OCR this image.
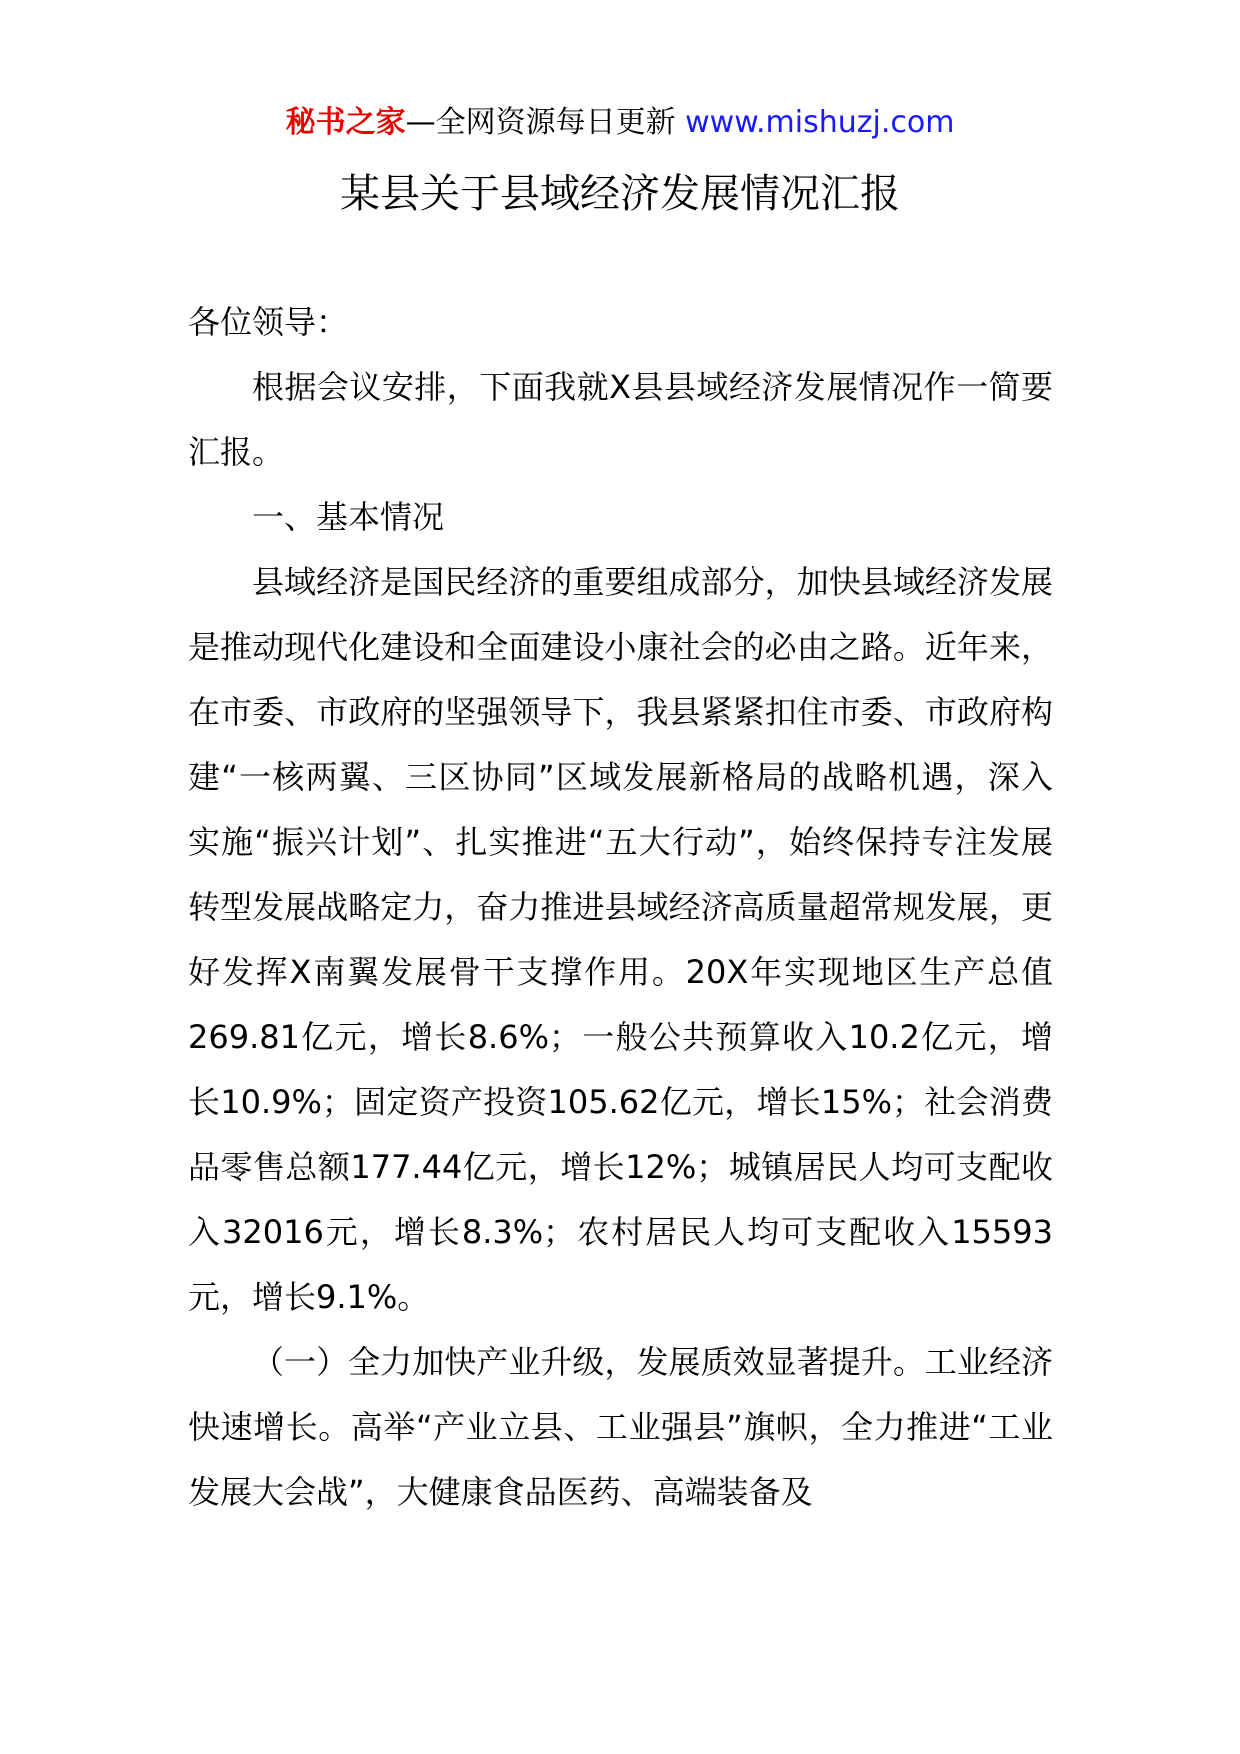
秘书之家—全网资源每日更新 www.mishuzj.com
某县关于县域经济发展情况汇报

各位领导：

根据会议安排，下面我就X县县域经济发展情况作一简要汇报。

一、基本情况

县域经济是国民经济的重要组成部分，加快县域经济发展是推动现代化建设和全面建设小康社会的必由之路。近年来，在市委、市政府的坚强领导下，我县紧紧扣住市委、市政府构建“一核两翼、三区协同”区域发展新格局的战略机遇，深入实施“振兴计划”、扎实推进“五大行动”，始终保持专注发展转型发展战略定力，奋力推进县域经济高质量超常规发展，更好发挥X南翼发展骨干支撑作用。20X年实现地区生产总值269.81亿元，增长8.6%；一般公共预算收入10.2亿元，增长10.9%；固定资产投资105.62亿元，增长15%；社会消费品零售总额177.44亿元，增长12%；城镇居民人均可支配收入32016元，增长8.3%；农村居民人均可支配收入15593元，增长9.1%。

（一）全力加快产业升级，发展质效显著提升。工业经济快速增长。高举“产业立县、工业强县”旗帜，全力推进“工业发展大会战”，大健康食品医药、高端装备及
